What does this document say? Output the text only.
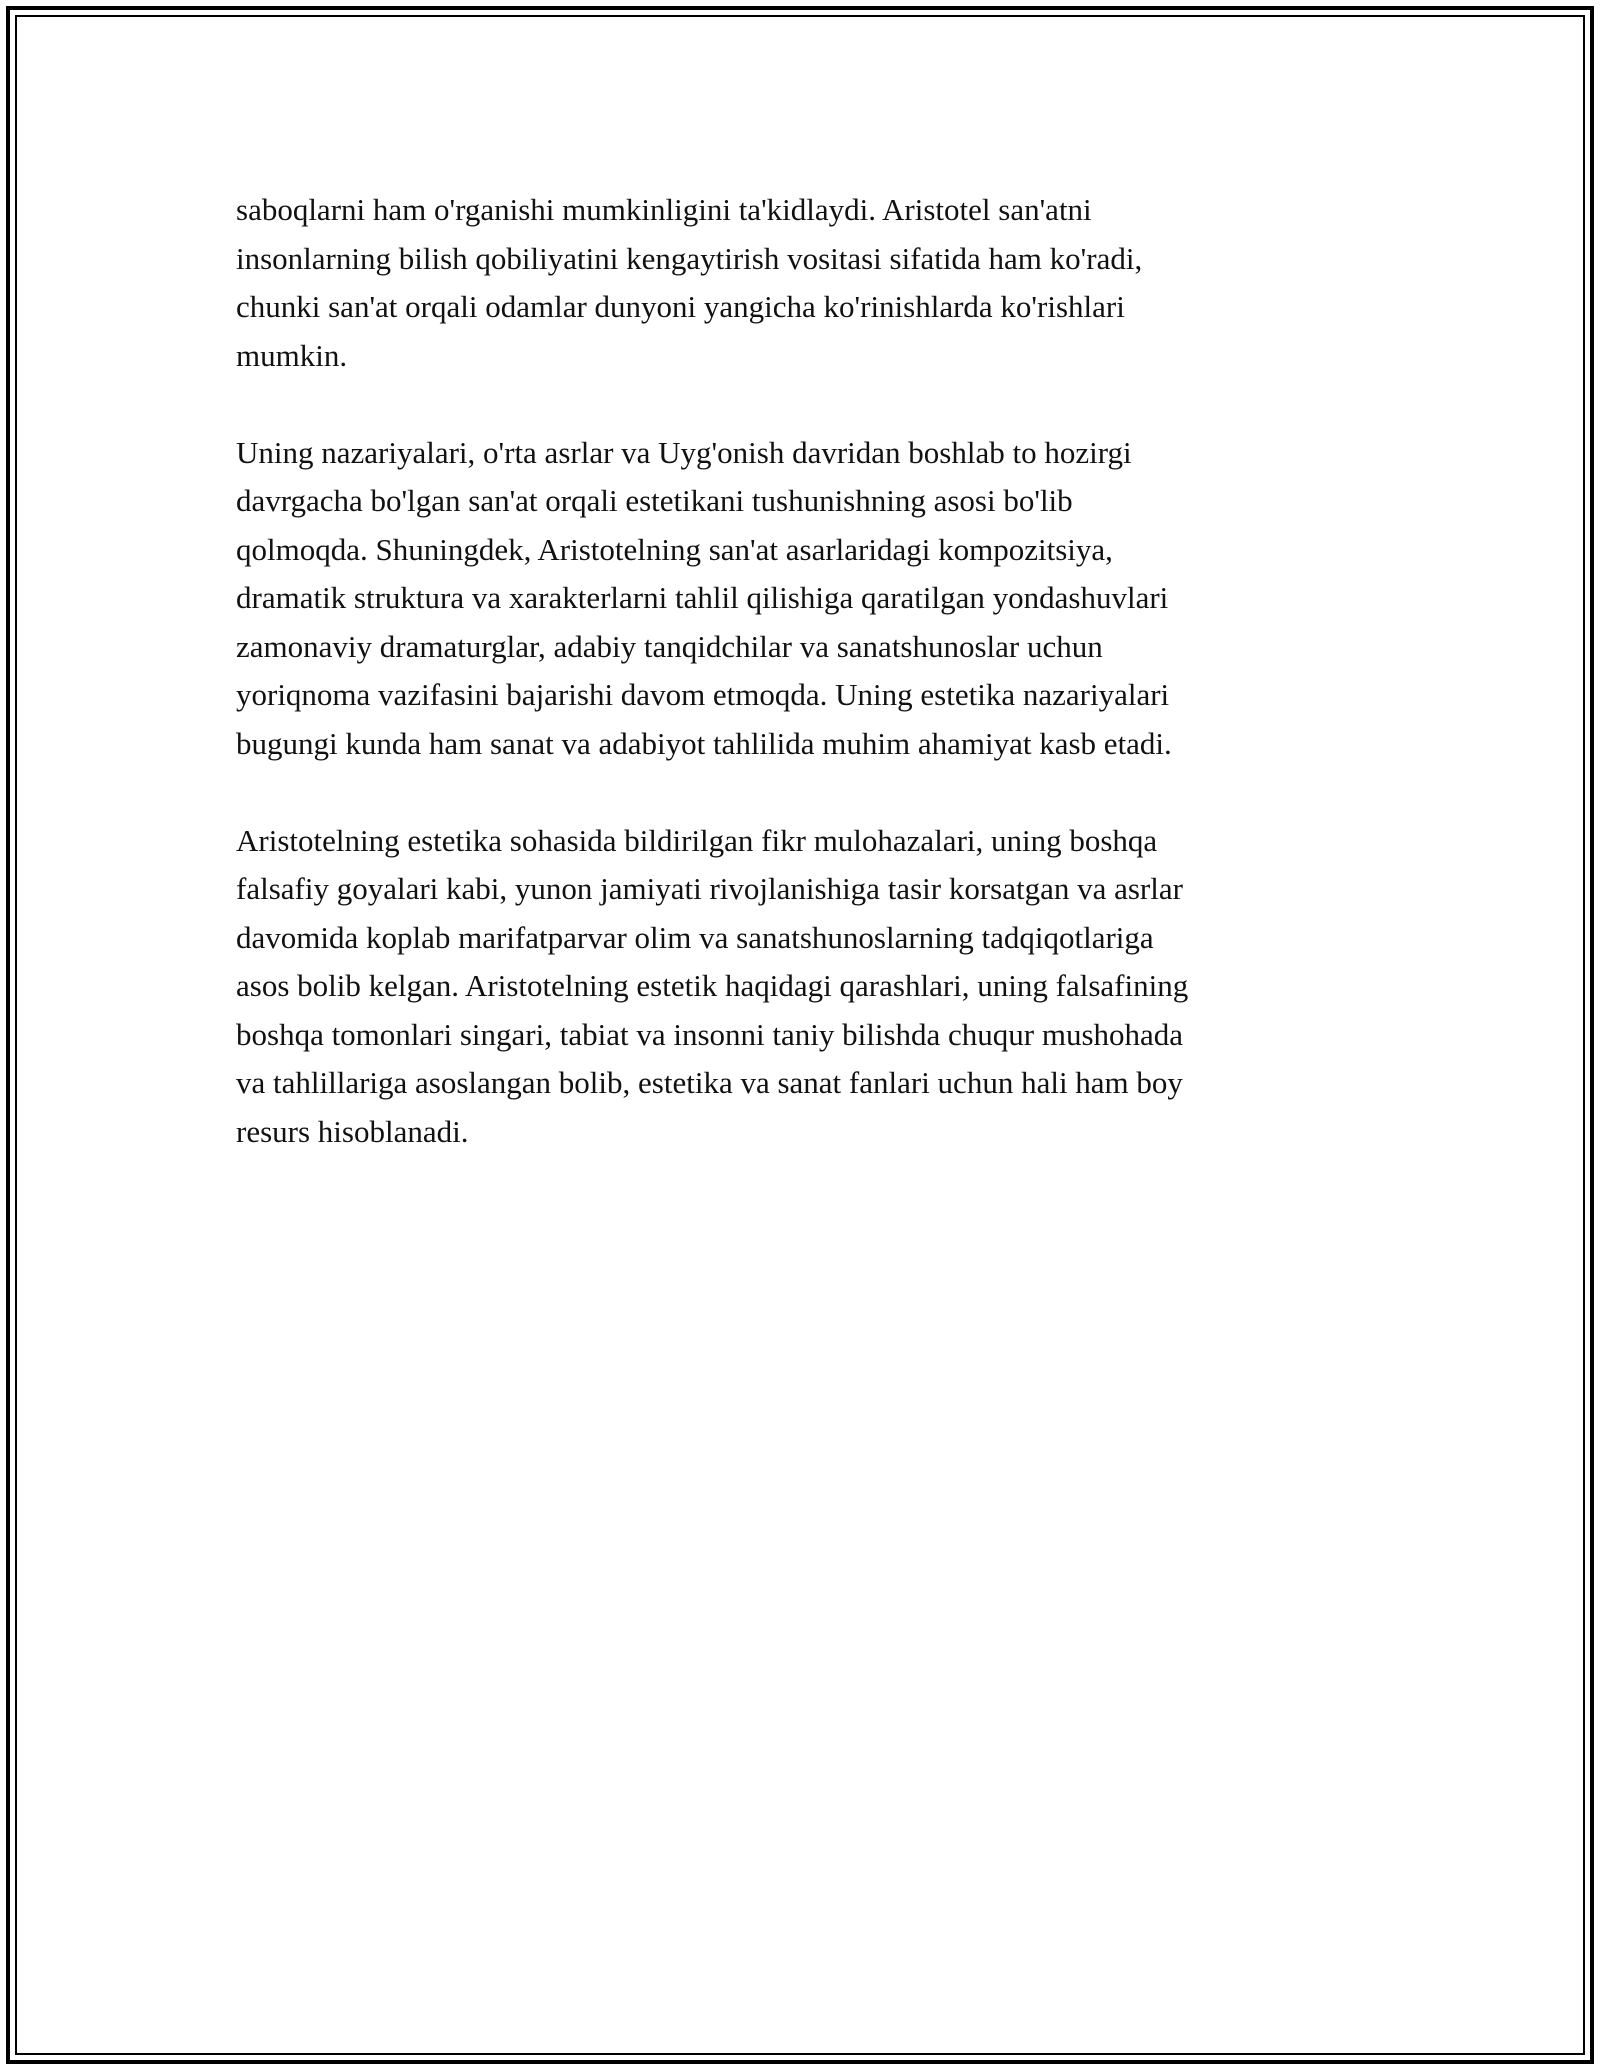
saboqlarni ham o'rganishi mumkinligini ta'kidlaydi. Aristotel san'atni
insonlarning bilish qobiliyatini kengaytirish vositasi sifatida ham ko'radi,
chunki san'at orqali odamlar dunyoni yangicha ko'rinishlarda ko'rishlari
mumkin.

Uning nazariyalari, o'rta asrlar va Uyg'onish davridan boshlab to hozirgi
davrgacha bo'lgan san'at orqali estetikani tushunishning asosi bo'lib
qolmoqda. Shuningdek, Aristotelning san'at asarlaridagi kompozitsiya,
dramatik struktura va xarakterlarni tahlil qilishiga qaratilgan yondashuvlari
zamonaviy dramaturglar, adabiy tanqidchilar va sanatshunoslar uchun
yoriqnoma vazifasini bajarishi davom etmoqda. Uning estetika nazariyalari
bugungi kunda ham sanat va adabiyot tahlilida muhim ahamiyat kasb etadi.

Aristotelning estetika sohasida bildirilgan fikr mulohazalari, uning boshqa
falsafiy goyalari kabi, yunon jamiyati rivojlanishiga tasir korsatgan va asrlar
davomida koplab marifatparvar olim va sanatshunoslarning tadqiqotlariga
asos bolib kelgan. Aristotelning estetik haqidagi qarashlari, uning falsafining
boshqa tomonlari singari, tabiat va insonni taniy bilishda chuqur mushohada
va tahlillariga asoslangan bolib, estetika va sanat fanlari uchun hali ham boy
resurs hisoblanadi.
